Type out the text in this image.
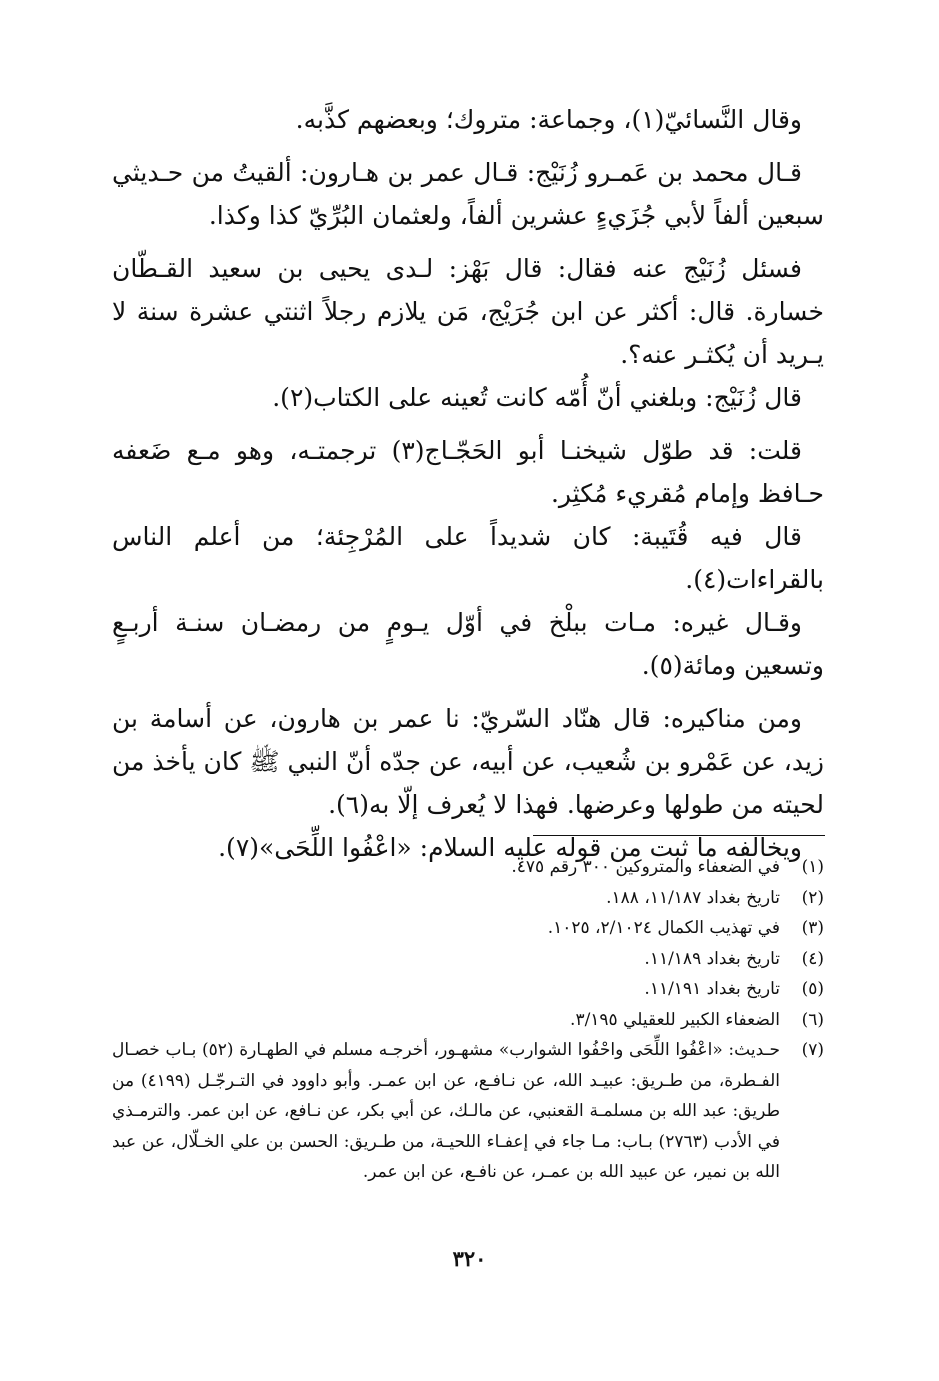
وقال النَّسائيّ(١)، وجماعة: متروك؛ وبعضهم كذَّبه.

قـال محمد بن عَمـرو زُنَيْج: قـال عمر بن هـارون: ألقيتُ من حـديثي سبعين ألفاً لأبي جُزَيءٍ عشرين ألفاً، ولعثمان البُرِّيّ كذا وكذا.

فسئل زُنَيْج عنه فقال: قال بَهْز: لـدى يحيى بن سعيد القـطّان خسارة. قال: أكثر عن ابن جُرَيْج، مَن يلازم رجلاً اثنتي عشرة سنة لا يـريد أن يُكثـر عنه؟.

قال زُنَيْج: وبلغني أنّ أُمّه كانت تُعينه على الكتاب(٢).

قلت: قد طوّل شيخنـا أبو الحَجّـاج(٣) ترجمتـه، وهو مـع ضَعفه حـافظ وإمام مُقريء مُكثِر.

قال فيه قُتَيبة: كان شديداً على المُرْجِئة؛ من أعلم الناس بالقراءات(٤).

وقـال غيره: مـات ببلْخ في أوّل يـومٍ من رمضـان سنـة أربـعٍ وتسعين ومائة(٥).

ومن مناكيره: قال هنّاد السّريّ: نا عمر بن هارون، عن أسامة بن زيد، عن عَمْرو بن شُعيب، عن أبيه، عن جدّه أنّ النبي ﷺ كان يأخذ من لحيته من طولها وعرضها. فهذا لا يُعرف إلّا به(٦).

ويخالفه ما ثبت من قوله عليه السلام: «اعْفُوا اللِّحَى»(٧).

(١)
في الضعفاء والمتروكين ٣٠٠ رقم ٤٧٥.
(٢)
تاريخ بغداد ١١/١٨٧، ١٨٨.
(٣)
في تهذيب الكمال ٢/١٠٢٤، ١٠٢٥.
(٤)
تاريخ بغداد ١١/١٨٩.
(٥)
تاريخ بغداد ١١/١٩١.
(٦)
الضعفاء الكبير للعقيلي ٣/١٩٥.
(٧)
حـديث: «اعْفُوا اللِّحَى واحْفُوا الشوارب» مشهـور، أخرجـه مسلم في الطهـارة (٥٢) بـاب خصـال الفـطرة، من طـريق: عبيـد الله، عن نـافـع، عن ابن عمـر. وأبو داوود في التـرجّـل (٤١٩٩) من طريق: عبد الله بن مسلمـة القعنبي، عن مالـك، عن أبي بكر، عن نـافع، عن ابن عمر. والترمـذي في الأدب (٢٧٦٣) بـاب: مـا جاء في إعفـاء اللحيـة، من طـريق: الحسن بن علي الخـلّال، عن عبد الله بن نمير، عن عبيد الله بن عمـر، عن نافـع، عن ابن عمر.
٣٢٠
